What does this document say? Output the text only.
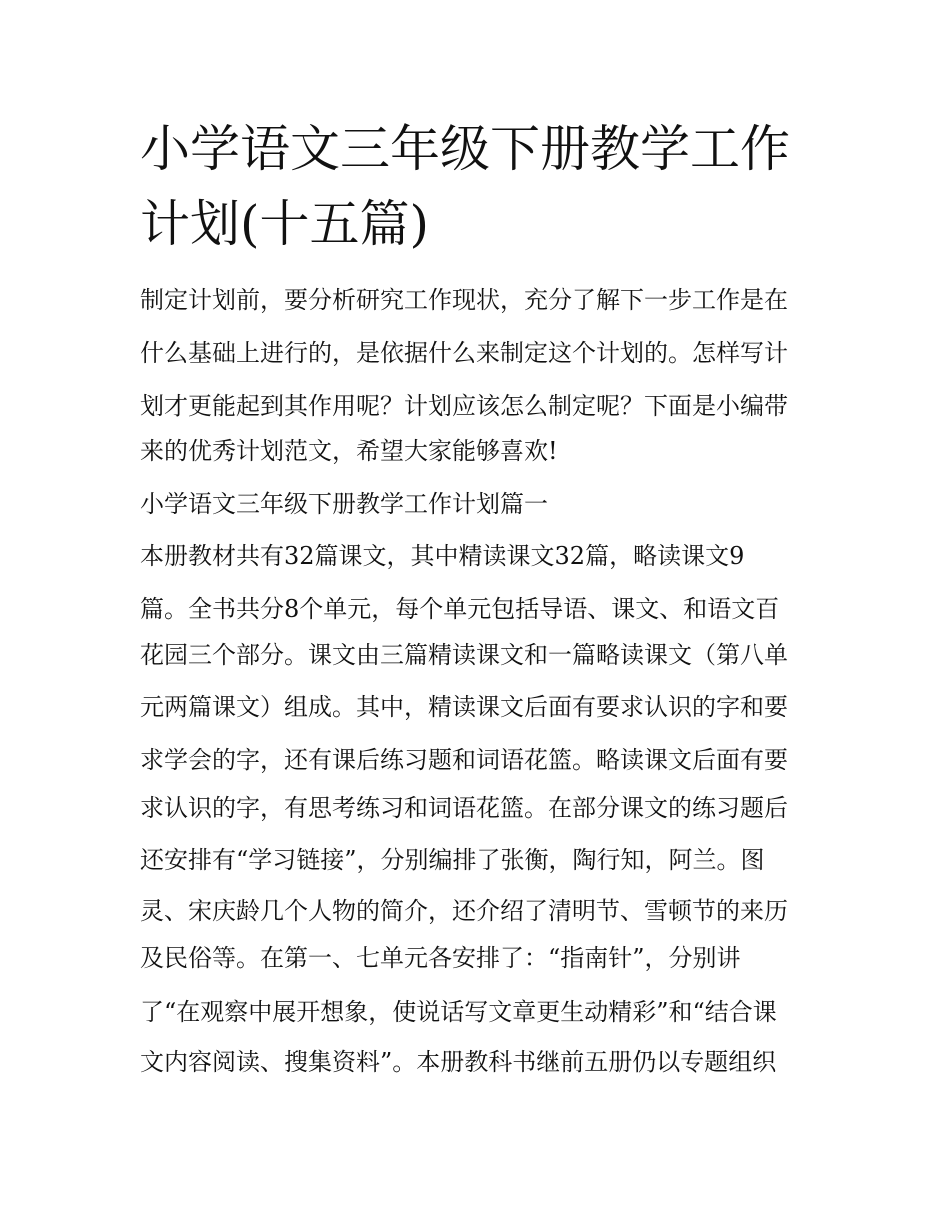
小学语文三年级下册教学工作
计划(十五篇)

制定计划前，要分析研究工作现状，充分了解下一步工作是在

什么基础上进行的，是依据什么来制定这个计划的。怎样写计

划才更能起到其作用呢？计划应该怎么制定呢？下面是小编带

来的优秀计划范文，希望大家能够喜欢!

小学语文三年级下册教学工作计划篇一

本册教材共有32篇课文，其中精读课文32篇，略读课文9

篇。全书共分8个单元，每个单元包括导语、课文、和语文百

花园三个部分。课文由三篇精读课文和一篇略读课文（第八单

元两篇课文）组成。其中，精读课文后面有要求认识的字和要

求学会的字，还有课后练习题和词语花篮。略读课文后面有要

求认识的字，有思考练习和词语花篮。在部分课文的练习题后

还安排有“学习链接”，分别编排了张衡，陶行知，阿兰。图

灵、宋庆龄几个人物的简介，还介绍了清明节、雪顿节的来历

及民俗等。在第一、七单元各安排了：“指南针”，分别讲

了“在观察中展开想象，使说话写文章更生动精彩”和“结合课

文内容阅读、搜集资料”。本册教科书继前五册仍以专题组织
